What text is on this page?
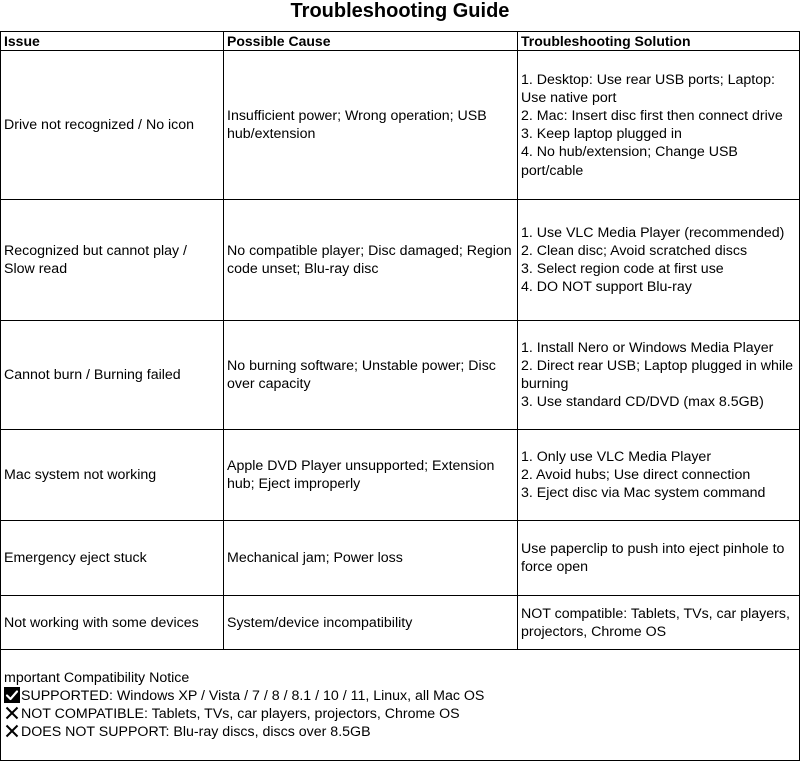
Troubleshooting Guide
Issue	Possible Cause	Troubleshooting Solution
Drive not recognized / No icon	Insufficient power; Wrong operation; USB hub/extension	1. Desktop: Use rear USB ports; Laptop: Use native port
2. Mac: Insert disc first then connect drive
3. Keep laptop plugged in
4. No hub/extension; Change USB port/cable

Recognized but cannot play / Slow read	No compatible player; Disc damaged; Region code unset; Blu-ray disc	1. Use VLC Media Player (recommended)
2. Clean disc; Avoid scratched discs
3. Select region code at first use
4. DO NOT support Blu-ray

Cannot burn / Burning failed	No burning software; Unstable power; Disc over capacity	1. Install Nero or Windows Media Player
2. Direct rear USB; Laptop plugged in while burning
3. Use standard CD/DVD (max 8.5GB)

Mac system not working	Apple DVD Player unsupported; Extension hub; Eject improperly	1. Only use VLC Media Player
2. Avoid hubs; Use direct connection
3. Eject disc via Mac system command

Emergency eject stuck	Mechanical jam; Power loss	Use paperclip to push into eject pinhole to force open

Not working with some devices	System/device incompatibility	NOT compatible: Tablets, TVs, car players, projectors, Chrome OS

mportant Compatibility Notice
SUPPORTED: Windows XP / Vista / 7 / 8 / 8.1 / 10 / 11, Linux, all Mac OS
NOT COMPATIBLE: Tablets, TVs, car players, projectors, Chrome OS
DOES NOT SUPPORT: Blu-ray discs, discs over 8.5GB		
